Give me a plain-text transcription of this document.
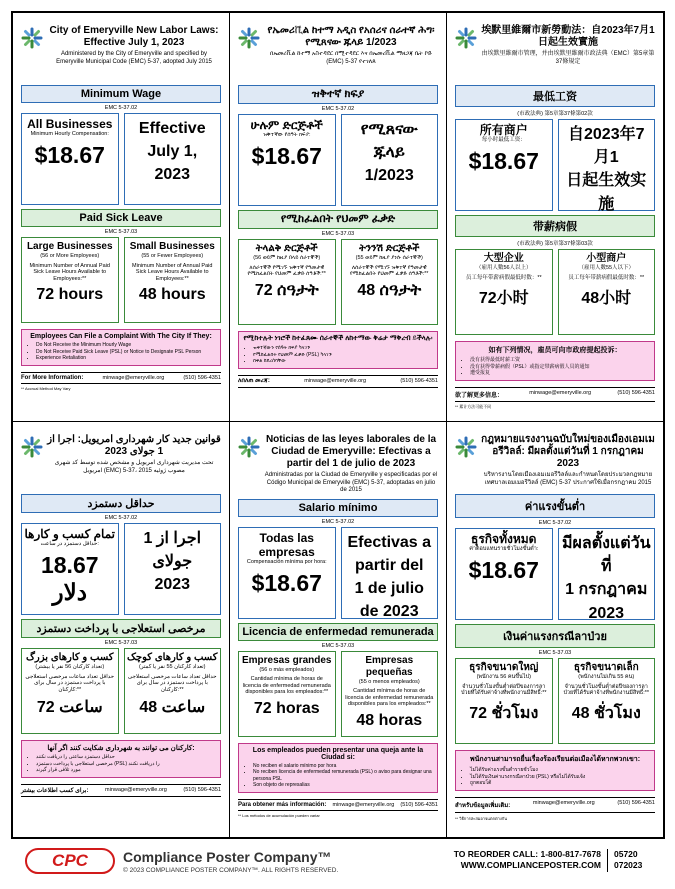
City of Emeryville New Labor Laws: Effective July 1, 2023
Administered by the City of Emeryville and specified by Emeryville Municipal Code (EMC) 5-37, adopted July 2015
Minimum Wage
EMC 5-37.02
All Businesses
Minimum Hourly Compensation:
$18.67
Effective
July 1,
2023
Paid Sick Leave
EMC 5-37.03
Large Businesses
(56 or More Employees)
Minimum Number of Annual Paid Sick Leave Hours Available to Employees:**
72 hours
Small Businesses
(55 or Fewer Employees)
Minimum Number of Annual Paid Sick Leave Hours Available to Employees:**
48 hours
Employees Can File a Complaint With The City If They:
• Do Not Receive the Minimum Hourly Wage
• Do Not Receive Paid Sick Leave (PSL) or Notice to Designate PSL Person
• Experience Retaliation
For More Information:	minwage@emeryville.org	(510) 596-4351
** Accrual Method May Vary
የኤመሪቪል ከተማ አዲስ የአሰሪና ሰራተኛ ሕግ፡ የሚጸናው ጁላይ 1/2023
በኤመሪቪል ከተማ አስተዳደር በሚተዳደር እና በኤመሪቪል ማዘጋጃ ቤት ኮድ (EMC) 5-37 የተገለጸ
ዝቅተኛ ክፍያ
EMC 5-37.02
ሁሉም ድርጅቶች
ዝቅተኛው የሰዓት ክፍያ:
$18.67
የሚጸናው
ጁላይ
1/2023
የሚከፈልበት የህመም ፈቃድ
EMC 5-37.03
ትላልቅ ድርጅቶች
(56 ወይም ከዚያ በላይ ሰራተኞች)
ለሰራተኞች የሚገኙ ዝቅተኛ የዓመታዊ የሚከፈልበት የህመም ፈቃድ ሰዓቶች:**
72 ሰዓታት
ትንንሽ ድርጅቶች
(55 ወይም ከዚያ ያነሱ ሰራተኞች)
ለሰራተኞች የሚገኙ ዝቅተኛ የዓመታዊ የሚከፈልበት የህመም ፈቃድ ሰዓቶች:**
48 ሰዓታት
የሚከተሉት ነገሮች ከተፈጸሙ ሰራተኞች ለከተማው ቅሬታ ማቅረብ ይችላሉ፡
• ዝቅተኛውን የሰዓት ክፍያ ካላገኙ
• የሚከፈልበት የህመም ፈቃድ (PSL) ካላገኙ
• በቀል ከደረሰባቸው
ለበለጠ መረጃ:	minwage@emeryville.org	(510) 596-4351
埃默里維爾市新勞動法：自2023年7月1日起生效實施
由埃默里維爾市管理，并由埃默里維爾市政法典（EMC）第5章第37條規定
最低工资
(市政法典) 第5章第37條第02款
所有商户
每小时最低工资：
$18.67
自2023年7月1
日起生效实施
带薪病假
(市政法典) 第5章第37條第03款
大型企业
（雇用人數56人以上）
员工每年带薪病假最低时数：**
72小时
小型商户
（雇用人數55人以下）
员工每年带薪病假最低时数：**
48小时
如有下列情况，雇员可向市政府提起投诉：
• 没有获得最低时薪工资
• 没有获得带薪病假（PSL）或指定带薪病假人员的通知
• 遭受报复
欲了解更多信息：	minwage@emeryville.org	(510) 596-4351
** 累计方法可能不同
قوانین جدید کار شهرداری امریویل: اجرا از 1 جولای 2023
تحت مدیریت شهرداری امریویل و مشخص شده توسط کد شهری امریویل (EMC) 5-37، مصوب ژوئیه 2015
حداقل دستمزد
EMC 5-37.02
تمام کسب و کارها
حداقل دستمزد در ساعت:
18.67 دلار
اجرا از 1 جولای
2023
مرخصی استعلاجی با پرداخت دستمزد
EMC 5-37.03
کسب و کارهای بزرگ
(تعداد کارکنان 56 نفر یا بیشتر)
حداقل تعداد ساعات مرخصی استعلاجی با پرداخت دستمزد در سال برای کارکنان:**
72 ساعت
کسب و کارهای کوچک
(تعداد کارکنان 55 نفر یا کمتر)
حداقل تعداد ساعات مرخصی استعلاجی با پرداخت دستمزد در سال برای کارکنان:**
48 ساعت
کارکنان می توانند به شهرداری شکایت کنند اگر آنها:
• حداقل دستمزد ساعتی را دریافت نکنند
• مرخصی استعلاجی با پرداخت دستمزد (PSL) را دریافت نکنند
• مورد تلافی قرار گیرند
برای کسب اطلاعات بیشتر:	minwage@emeryville.org	(510) 596-4351
Noticias de las leyes laborales de la Ciudad de Emeryville: Efectivas a partir del 1 de julio de 2023
Administradas por la Ciudad de Emeryville y especificadas por el Código Municipal de Emeryville (EMC) 5-37, adoptadas en julio de 2015
Salario mínimo
EMC 5-37.02
Todas las empresas
Compensación mínima por hora:
$18.67
Efectivas a partir del
1 de julio
de 2023
Licencia de enfermedad remunerada
EMC 5-37.03
Empresas grandes
(56 o más empleados)
Cantidad mínima de horas de licencia de enfermedad remunerada disponibles para los empleados:**
72 horas
Empresas pequeñas
(55 o menos empleados)
Cantidad mínima de horas de licencia de enfermedad remunerada disponibles para los empleados:**
48 horas
Los empleados pueden presentar una queja ante la Ciudad si:
• No reciben el salario mínimo por hora
• No reciben licencia de enfermedad remunerada (PSL) o aviso para designar una persona PSL
• Son objeto de represalias
Para obtener más información: minwage@emeryville.org (510) 596-4351
** Los métodos de acumulación pueden variar
กฎหมายแรงงานฉบับใหม่ของเมืองเอมเมอรีวิลล์: มีผลตั้งแต่วันที่ 1 กรกฎาคม 2023
บริหารงานโดยเมืองเอมเมอรีวิลล์และกำหนดโดยประมวลกฎหมายเทศบาลเอมเมอรีวิลล์ (EMC) 5-37 ประกาศใช้เมื่อกรกฎาคม 2015
ค่าแรงขั้นต่ำ
EMC 5-37.02
ธุรกิจทั้งหมด
ค่าตอบแทนรายชั่วโมงขั้นต่ำ:
$18.67
มีผลตั้งแต่วันที่
1 กรกฎาคม
2023
เงินค่าแรงกรณีลาป่วย
EMC 5-37.03
ธุรกิจขนาดใหญ่
(พนักงาน 56 คนขึ้นไป)
จำนวนชั่วโมงขั้นต่ำต่อปีของการลาป่วยที่ได้รับค่าจ้างที่พนักงานมีสิทธิ์:**
72 ชั่วโมง
ธุรกิจขนาดเล็ก
(พนักงานไม่เกิน 55 คน)
จำนวนชั่วโมงขั้นต่ำต่อปีของการลาป่วยที่ได้รับค่าจ้างที่พนักงานมีสิทธิ์:**
48 ชั่วโมง
พนักงานสามารถยื่นเรื่องร้องเรียนต่อเมืองได้หากพวกเขา:
• ไม่ได้รับค่าแรงขั้นต่ำรายชั่วโมง
• ไม่ได้รับเงินค่าแรงกรณีลาป่วย (PSL) หรือไม่ได้รับแจ้ง
• ถูกตอบโต้
สำหรับข้อมูลเพิ่มเติม:	minwage@emeryville.org	(510) 596-4351
** วิธีการสะสมอาจแตกต่างกัน
CPC	Compliance Poster Company™
© 2023 COMPLIANCE POSTER COMPANY™. ALL RIGHTS RESERVED.
TO REORDER CALL: 1-800-817-7678
WWW.COMPLIANCEPOSTER.COM
05720
072023
